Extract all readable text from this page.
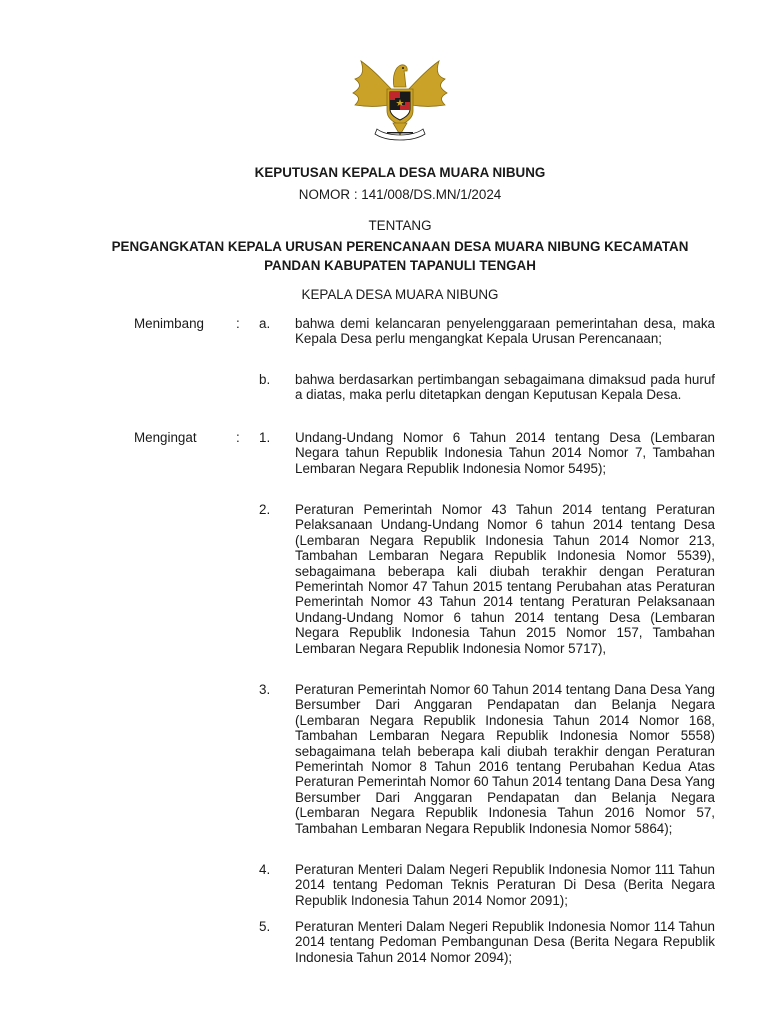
KEPUTUSAN KEPALA DESA MUARA NIBUNG
NOMOR : 141/008/DS.MN/1/2024
TENTANG
PENGANGKATAN KEPALA URUSAN PERENCANAAN DESA MUARA NIBUNG KECAMATAN
PANDAN KABUPATEN TAPANULI TENGAH
KEPALA DESA MUARA NIBUNG
Menimbang : a. bahwa demi kelancaran penyelenggaraan pemerintahan desa, maka Kepala Desa perlu mengangkat Kepala Urusan Perencanaan;
b. bahwa berdasarkan pertimbangan sebagaimana dimaksud pada huruf a diatas, maka perlu ditetapkan dengan Keputusan Kepala Desa.
Mengingat	: 1. Undang-Undang Nomor 6 Tahun 2014 tentang Desa (Lembaran Negara tahun Republik Indonesia Tahun 2014 Nomor 7, Tambahan Lembaran Negara Republik Indonesia Nomor 5495);
2. Peraturan Pemerintah Nomor 43 Tahun 2014 tentang Peraturan Pelaksanaan Undang-Undang Nomor 6 tahun 2014 tentang Desa (Lembaran Negara Republik Indonesia Tahun 2014 Nomor 213, Tambahan Lembaran Negara Republik Indonesia Nomor 5539), sebagaimana beberapa kali diubah terakhir dengan Peraturan Pemerintah Nomor 47 Tahun 2015 tentang Perubahan atas Peraturan Pemerintah Nomor 43 Tahun 2014 tentang Peraturan Pelaksanaan Undang-Undang Nomor 6 tahun 2014 tentang Desa (Lembaran Negara Republik Indonesia Tahun 2015 Nomor 157, Tambahan Lembaran Negara Republik Indonesia Nomor 5717),
3. Peraturan Pemerintah Nomor 60 Tahun 2014 tentang Dana Desa Yang Bersumber Dari Anggaran Pendapatan dan Belanja Negara (Lembaran Negara Republik Indonesia Tahun 2014 Nomor 168, Tambahan Lembaran Negara Republik Indonesia Nomor 5558) sebagaimana telah beberapa kali diubah terakhir dengan Peraturan Pemerintah Nomor 8 Tahun 2016 tentang Perubahan Kedua Atas Peraturan Pemerintah Nomor 60 Tahun 2014 tentang Dana Desa Yang Bersumber Dari Anggaran Pendapatan dan Belanja Negara (Lembaran Negara Republik Indonesia Tahun 2016 Nomor 57, Tambahan Lembaran Negara Republik Indonesia Nomor 5864);
4. Peraturan Menteri Dalam Negeri Republik Indonesia Nomor 111 Tahun 2014 tentang Pedoman Teknis Peraturan Di Desa (Berita Negara Republik Indonesia Tahun 2014 Nomor 2091);
5. Peraturan Menteri Dalam Negeri Republik Indonesia Nomor 114 Tahun 2014 tentang Pedoman Pembangunan Desa (Berita Negara Republik Indonesia Tahun 2014 Nomor 2094);
